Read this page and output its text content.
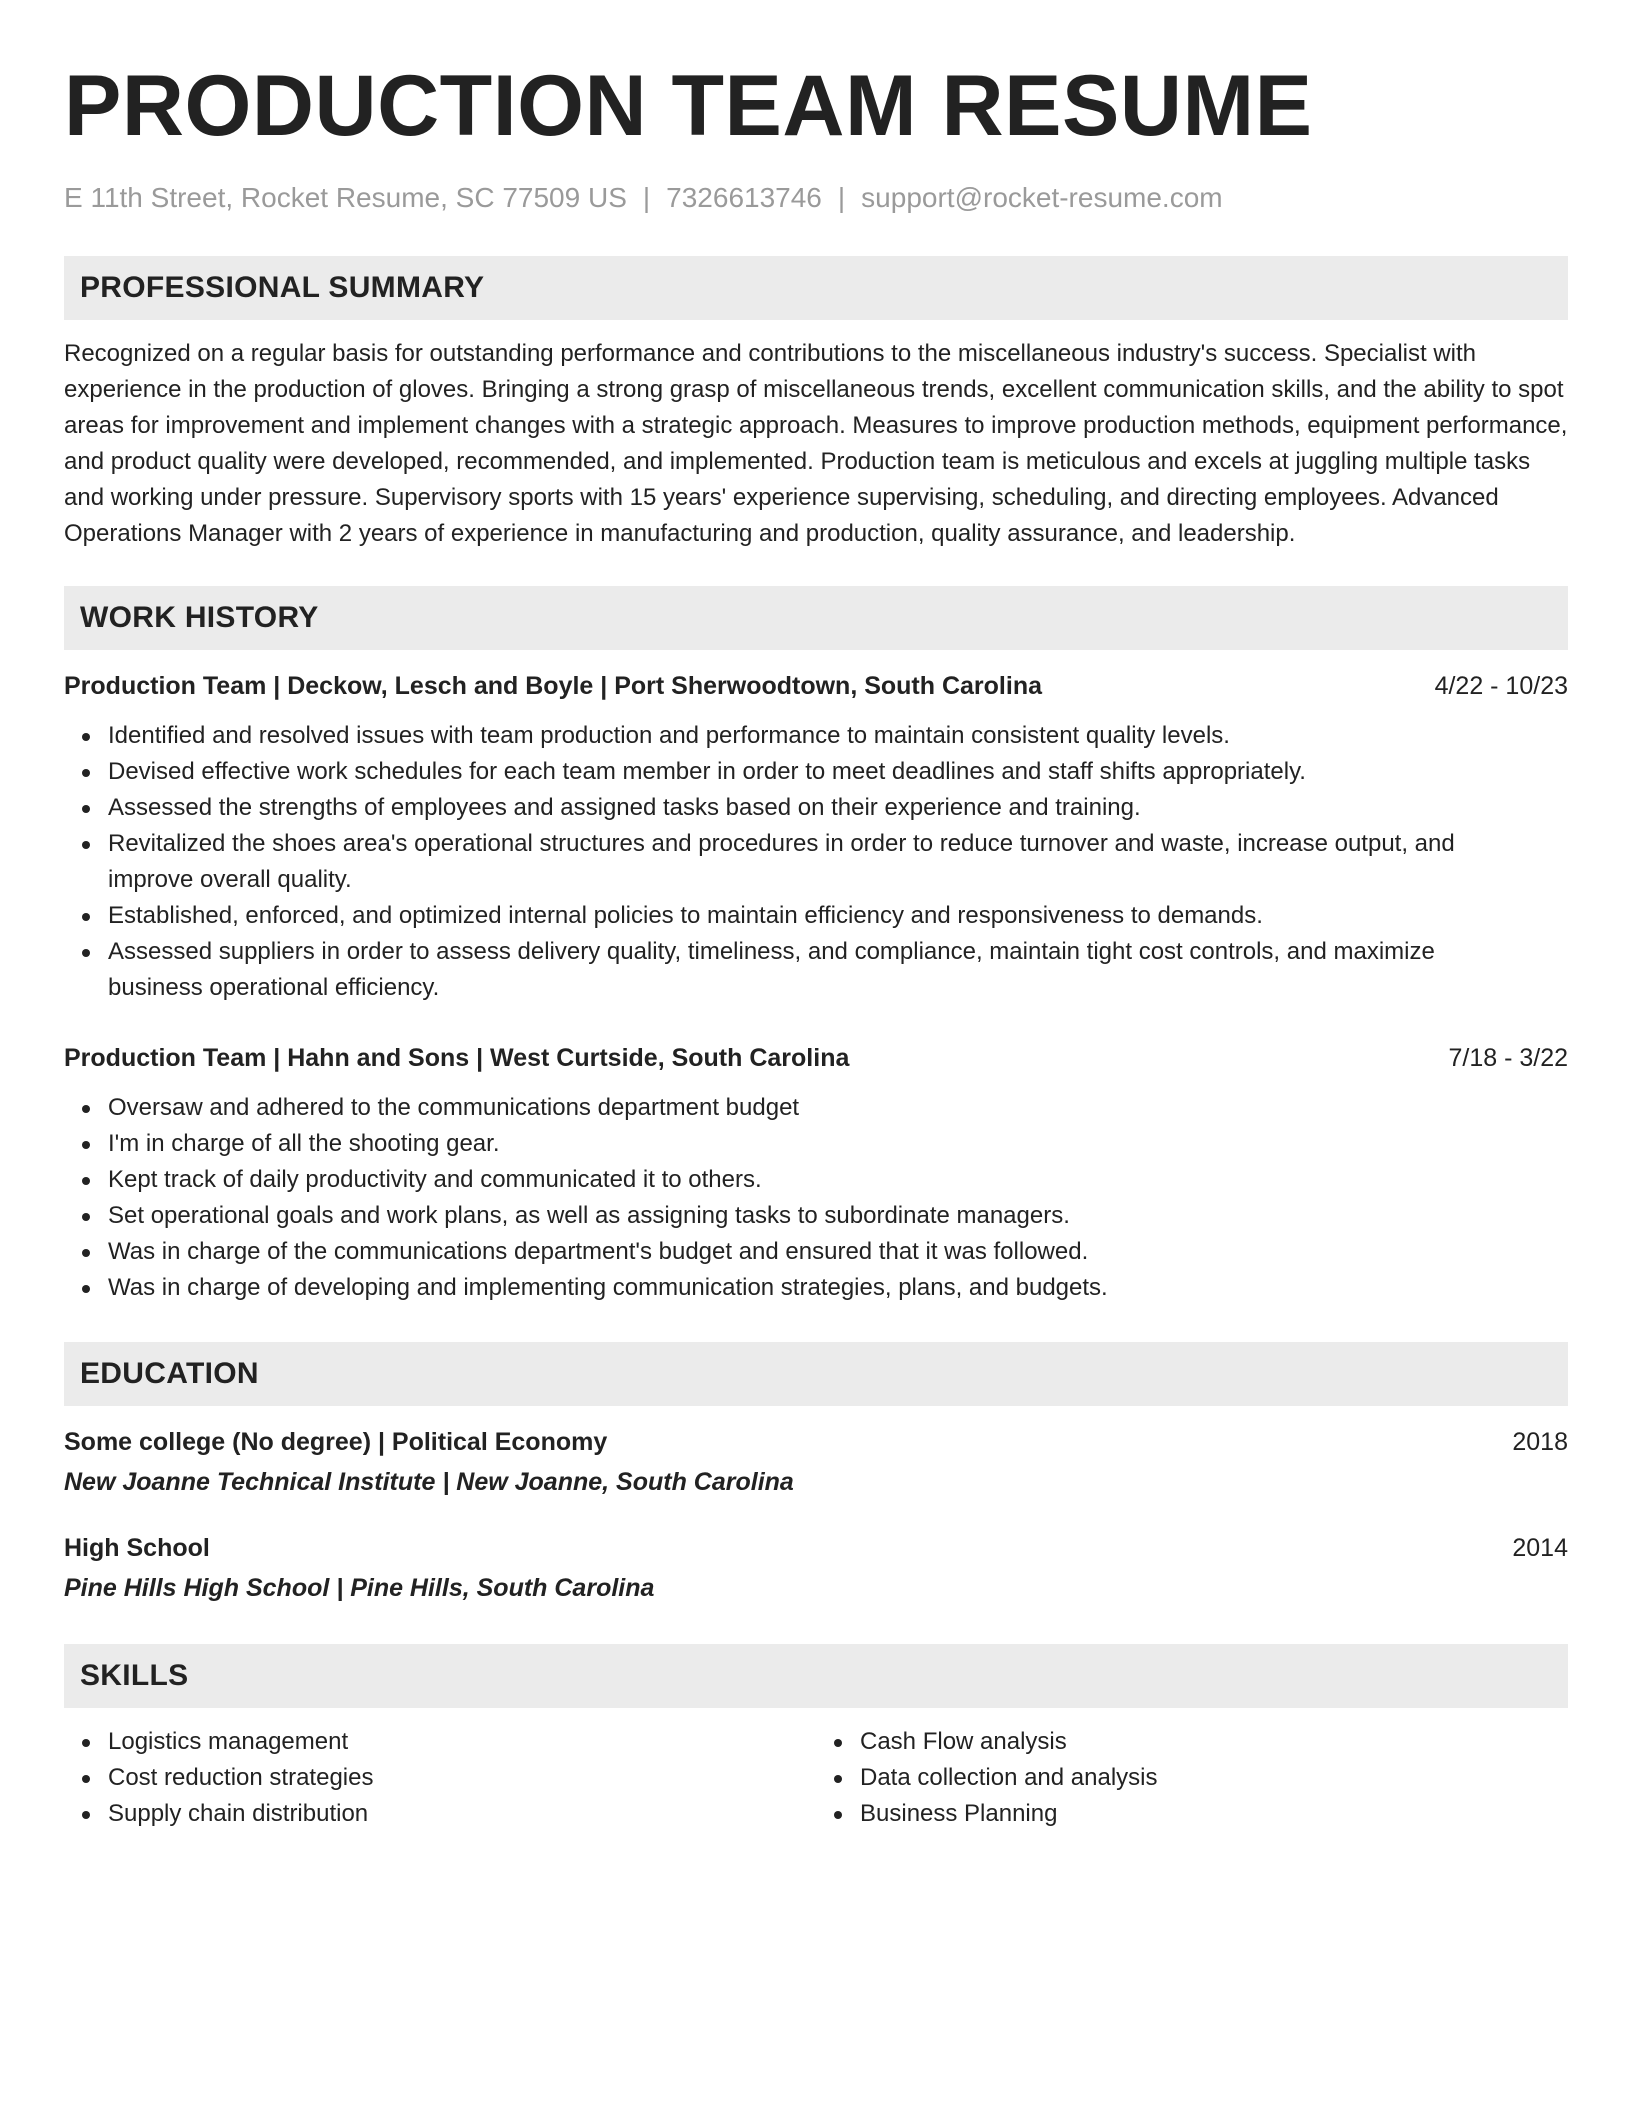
PRODUCTION TEAM RESUME
E 11th Street, Rocket Resume, SC 77509 US | 7326613746 | support@rocket-resume.com
PROFESSIONAL SUMMARY
Recognized on a regular basis for outstanding performance and contributions to the miscellaneous industry's success. Specialist with experience in the production of gloves. Bringing a strong grasp of miscellaneous trends, excellent communication skills, and the ability to spot areas for improvement and implement changes with a strategic approach. Measures to improve production methods, equipment performance, and product quality were developed, recommended, and implemented. Production team is meticulous and excels at juggling multiple tasks and working under pressure. Supervisory sports with 15 years' experience supervising, scheduling, and directing employees. Advanced Operations Manager with 2 years of experience in manufacturing and production, quality assurance, and leadership.
WORK HISTORY
Production Team | Deckow, Lesch and Boyle | Port Sherwoodtown, South Carolina	4/22 - 10/23
Identified and resolved issues with team production and performance to maintain consistent quality levels.
Devised effective work schedules for each team member in order to meet deadlines and staff shifts appropriately.
Assessed the strengths of employees and assigned tasks based on their experience and training.
Revitalized the shoes area's operational structures and procedures in order to reduce turnover and waste, increase output, and improve overall quality.
Established, enforced, and optimized internal policies to maintain efficiency and responsiveness to demands.
Assessed suppliers in order to assess delivery quality, timeliness, and compliance, maintain tight cost controls, and maximize business operational efficiency.
Production Team | Hahn and Sons | West Curtside, South Carolina	7/18 - 3/22
Oversaw and adhered to the communications department budget
I'm in charge of all the shooting gear.
Kept track of daily productivity and communicated it to others.
Set operational goals and work plans, as well as assigning tasks to subordinate managers.
Was in charge of the communications department's budget and ensured that it was followed.
Was in charge of developing and implementing communication strategies, plans, and budgets.
EDUCATION
Some college (No degree) | Political Economy	2018
New Joanne Technical Institute | New Joanne, South Carolina
High School	2014
Pine Hills High School | Pine Hills, South Carolina
SKILLS
Logistics management
Cost reduction strategies
Supply chain distribution
Cash Flow analysis
Data collection and analysis
Business Planning
